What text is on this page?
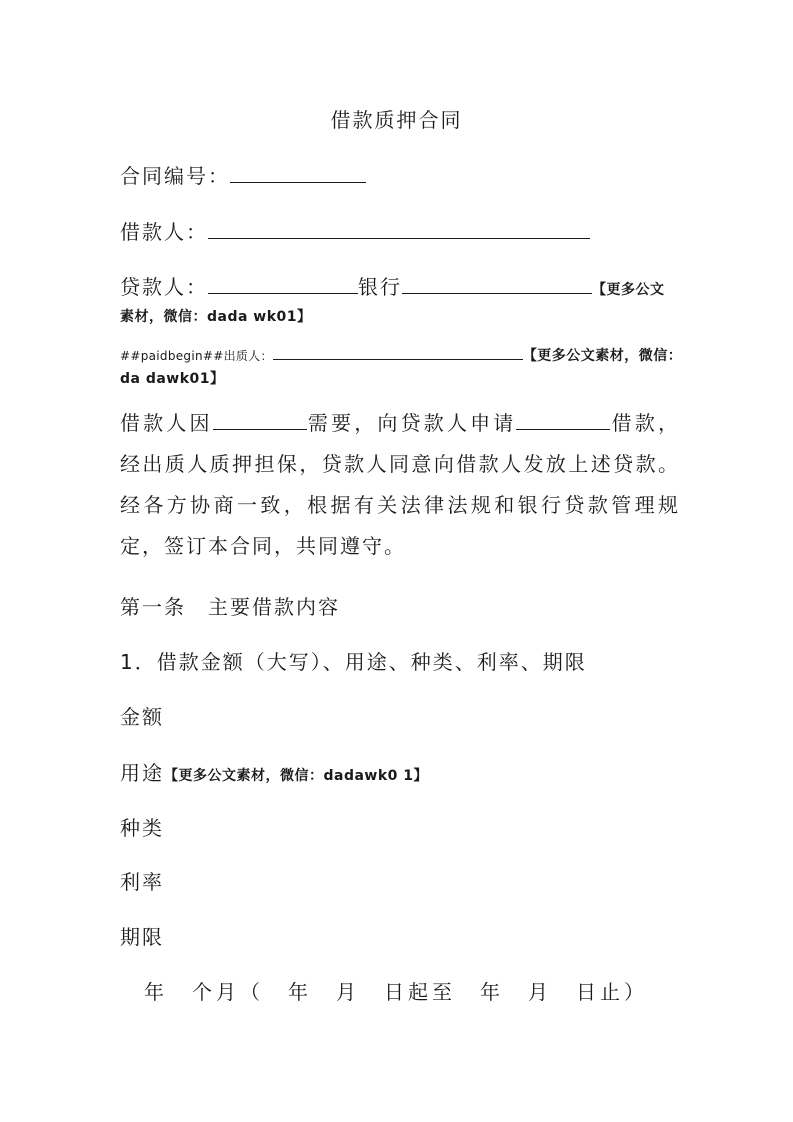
借款质押合同
合同编号：
借款人：
贷款人：	银行	【更多公文
素材，微信：dada wk01】
##paidbegin##出质人：	【更多公文素材，微信：
da dawk01】
借款人因	需要，向贷款人申请	借款，经出质人质押担保，贷款人同意向借款人发放上述贷款。经各方协商一致，根据有关法律法规和银行贷款管理规定，签订本合同，共同遵守。
第一条　主要借款内容
1．借款金额（大写）、用途、种类、利率、期限
金额
用途【更多公文素材，微信：dadawk0 1】
种类
利率
期限
年　个月（　年　月　日起至　年　月　日止）
